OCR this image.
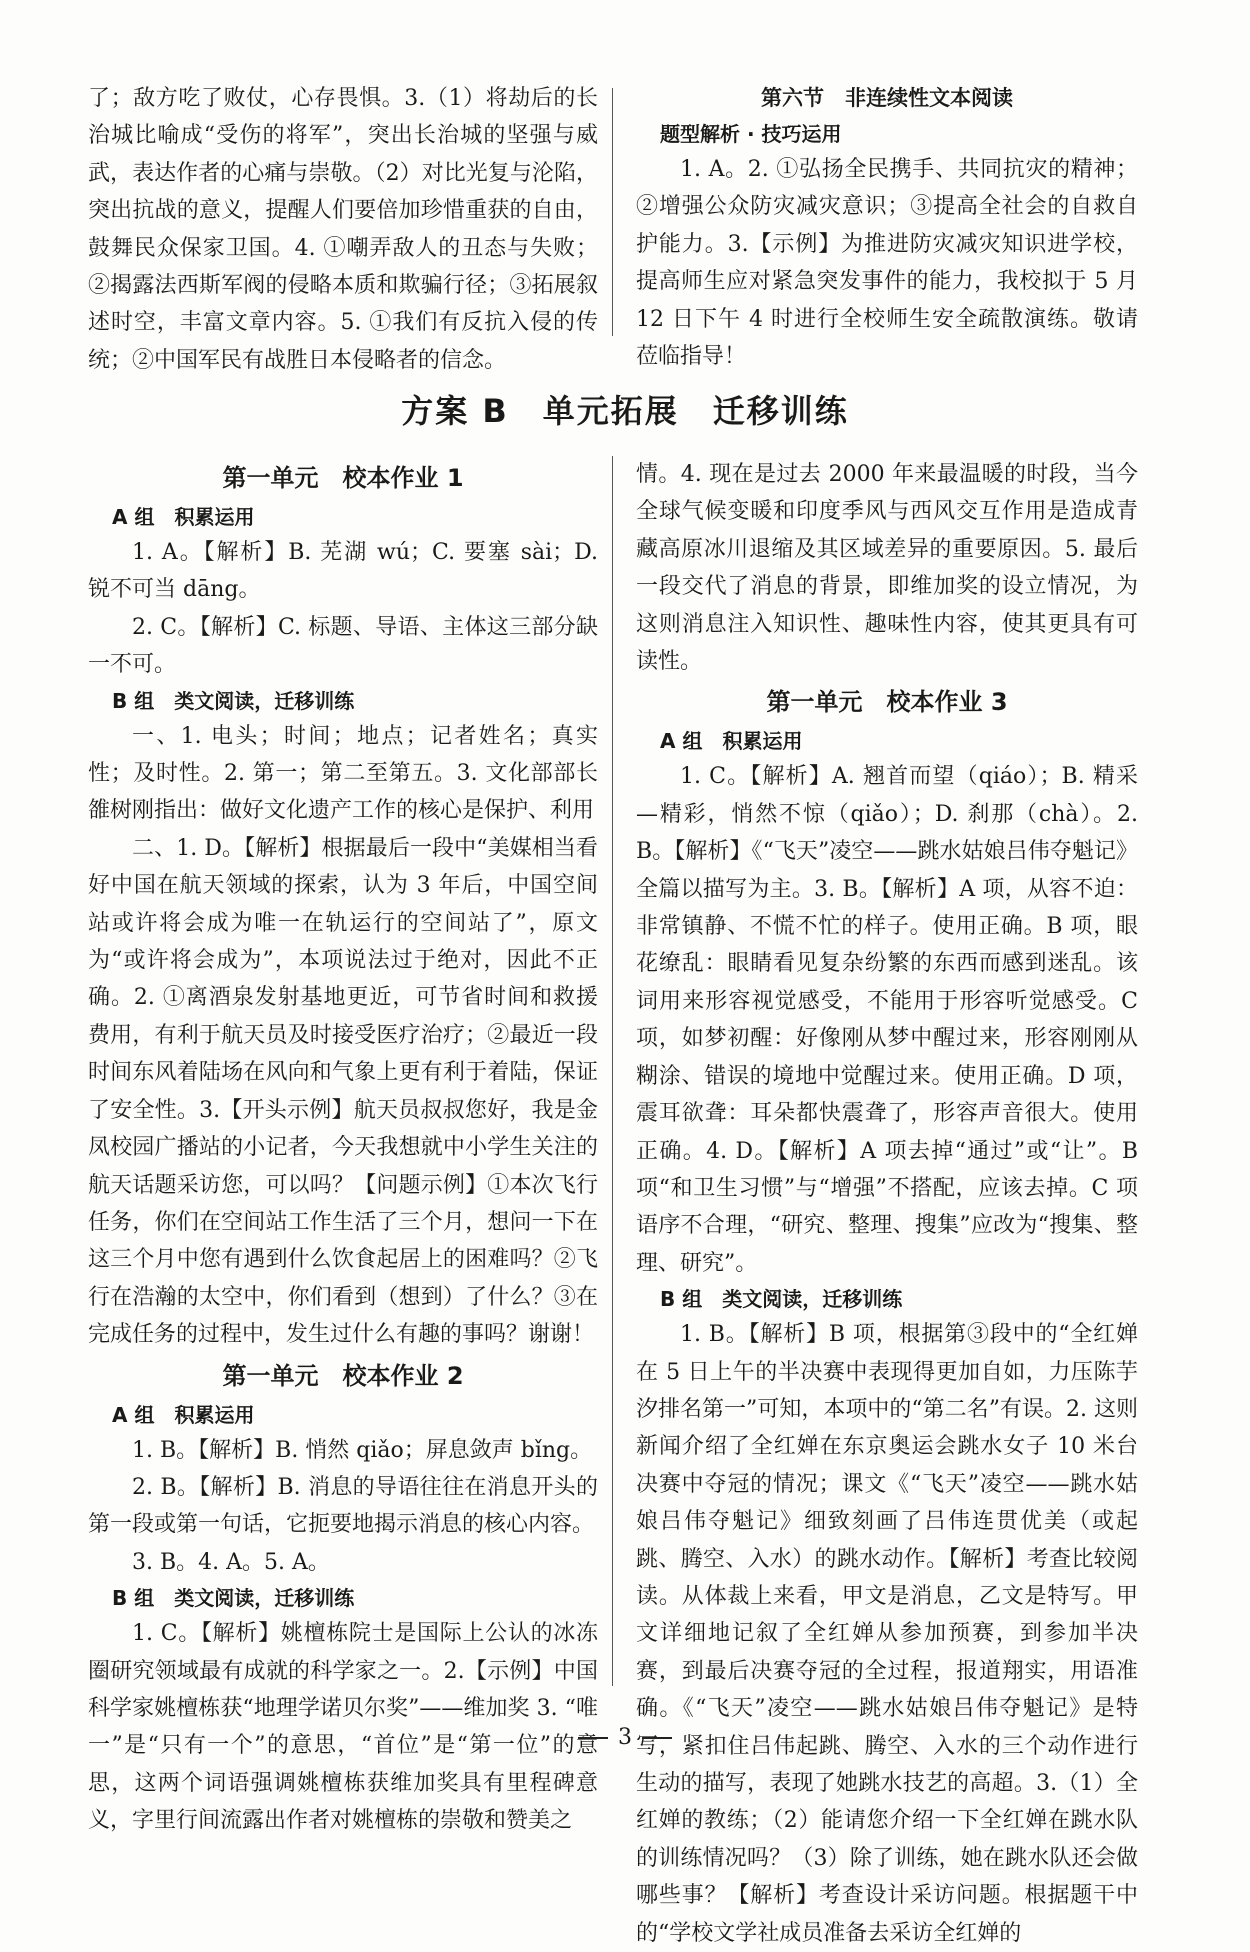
了；敌方吃了败仗，心存畏惧。3.（1）将劫后的长治城比喻成“受伤的将军”，突出长治城的坚强与威武，表达作者的心痛与崇敬。（2）对比光复与沦陷，突出抗战的意义，提醒人们要倍加珍惜重获的自由，鼓舞民众保家卫国。4. ①嘲弄敌人的丑态与失败；②揭露法西斯军阀的侵略本质和欺骗行径；③拓展叙述时空，丰富文章内容。5. ①我们有反抗入侵的传统；②中国军民有战胜日本侵略者的信念。

第六节　非连续性文本阅读

题型解析 · 技巧运用

1. A。2. ①弘扬全民携手、共同抗灾的精神；②增强公众防灾减灾意识；③提高全社会的自救自护能力。3.【示例】为推进防灾减灾知识进学校，提高师生应对紧急突发事件的能力，我校拟于 5 月 12 日下午 4 时进行全校师生安全疏散演练。敬请莅临指导！

方案 B　单元拓展　迁移训练

第一单元　校本作业 1

A 组　积累运用

1. A。【解析】B. 芜湖 wú；C. 要塞 sài；D. 锐不可当 dāng。

2. C。【解析】C. 标题、导语、主体这三部分缺一不可。

B 组　类文阅读，迁移训练

一、1. 电头；时间；地点；记者姓名；真实性；及时性。2. 第一；第二至第五。3. 文化部部长雒树刚指出：做好文化遗产工作的核心是保护、利用

二、1. D。【解析】根据最后一段中“美媒相当看好中国在航天领域的探索，认为 3 年后，中国空间站或许将会成为唯一在轨运行的空间站了”，原文为“或许将会成为”，本项说法过于绝对，因此不正确。2. ①离酒泉发射基地更近，可节省时间和救援费用，有利于航天员及时接受医疗治疗；②最近一段时间东风着陆场在风向和气象上更有利于着陆，保证了安全性。3.【开头示例】航天员叔叔您好，我是金凤校园广播站的小记者，今天我想就中小学生关注的航天话题采访您，可以吗？【问题示例】①本次飞行任务，你们在空间站工作生活了三个月，想问一下在这三个月中您有遇到什么饮食起居上的困难吗？②飞行在浩瀚的太空中，你们看到（想到）了什么？③在完成任务的过程中，发生过什么有趣的事吗？谢谢！

第一单元　校本作业 2

A 组　积累运用

1. B。【解析】B. 悄然 qiǎo；屏息敛声 bǐng。

2. B。【解析】B. 消息的导语往往在消息开头的第一段或第一句话，它扼要地揭示消息的核心内容。

3. B。4. A。5. A。

B 组　类文阅读，迁移训练

1. C。【解析】姚檀栋院士是国际上公认的冰冻圈研究领域最有成就的科学家之一。2.【示例】中国科学家姚檀栋获“地理学诺贝尔奖”——维加奖 3. “唯一”是“只有一个”的意思，“首位”是“第一位”的意思，这两个词语强调姚檀栋获维加奖具有里程碑意义，字里行间流露出作者对姚檀栋的崇敬和赞美之

情。4. 现在是过去 2000 年来最温暖的时段，当今全球气候变暖和印度季风与西风交互作用是造成青藏高原冰川退缩及其区域差异的重要原因。5. 最后一段交代了消息的背景，即维加奖的设立情况，为这则消息注入知识性、趣味性内容，使其更具有可读性。

第一单元　校本作业 3

A 组　积累运用

1. C。【解析】A. 翘首而望（qiáo）；B. 精采—精彩，悄然不惊（qiǎo）；D. 刹那（chà）。2. B。【解析】《“飞天”凌空——跳水姑娘吕伟夺魁记》全篇以描写为主。3. B。【解析】A 项，从容不迫：非常镇静、不慌不忙的样子。使用正确。B 项，眼花缭乱：眼睛看见复杂纷繁的东西而感到迷乱。该词用来形容视觉感受，不能用于形容听觉感受。C 项，如梦初醒：好像刚从梦中醒过来，形容刚刚从糊涂、错误的境地中觉醒过来。使用正确。D 项，震耳欲聋：耳朵都快震聋了，形容声音很大。使用正确。4. D。【解析】A 项去掉“通过”或“让”。B 项“和卫生习惯”与“增强”不搭配，应该去掉。C 项语序不合理，“研究、整理、搜集”应改为“搜集、整理、研究”。

B 组　类文阅读，迁移训练

1. B。【解析】B 项，根据第③段中的“全红婵在 5 日上午的半决赛中表现得更加自如，力压陈芋汐排名第一”可知，本项中的“第二名”有误。2. 这则新闻介绍了全红婵在东京奥运会跳水女子 10 米台决赛中夺冠的情况；课文《“飞天”凌空——跳水姑娘吕伟夺魁记》细致刻画了吕伟连贯优美（或起跳、腾空、入水）的跳水动作。【解析】考查比较阅读。从体裁上来看，甲文是消息，乙文是特写。甲文详细地记叙了全红婵从参加预赛，到参加半决赛，到最后决赛夺冠的全过程，报道翔实，用语准确。《“飞天”凌空——跳水姑娘吕伟夺魁记》是特写，紧扣住吕伟起跳、腾空、入水的三个动作进行生动的描写，表现了她跳水技艺的高超。3.（1）全红婵的教练；（2）能请您介绍一下全红婵在跳水队的训练情况吗？（3）除了训练，她在跳水队还会做哪些事？【解析】考查设计采访问题。根据题干中的“学校文学社成员准备去采访全红婵的

3
